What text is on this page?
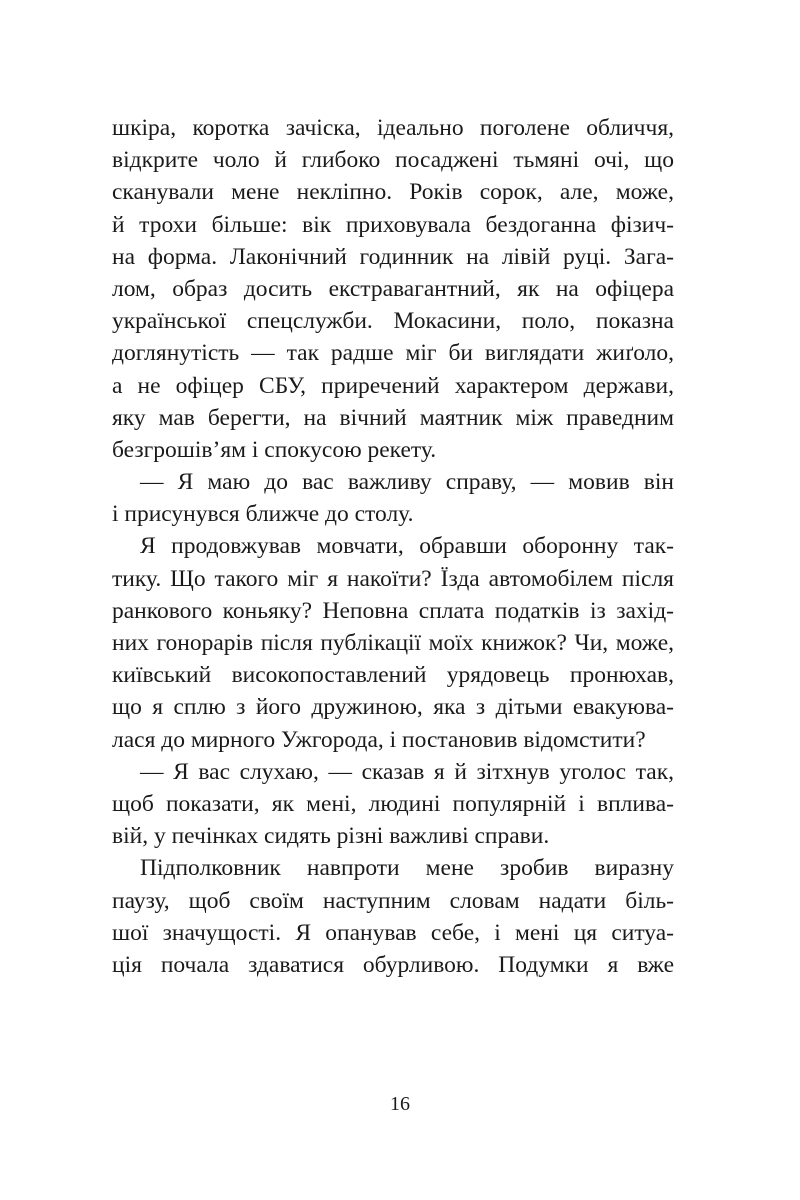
шкіра, коротка зачіска, ідеально поголене обличчя,
відкрите чоло й глибоко посаджені тьмяні очі, що
сканували мене некліпно. Років сорок, але, може,
й трохи більше: вік приховувала бездоганна фізич-
на форма. Лаконічний годинник на лівій руці. Зага-
лом, образ досить екстравагантний, як на офіцера
української спецслужби. Мокасини, поло, показна
доглянутість — так радше міг би виглядати жиґоло,
а не офіцер СБУ, приречений характером держави,
яку мав берегти, на вічний маятник між праведним
безгрошів’ям і спокусою рекету.
— Я маю до вас важливу справу, — мовив він
і присунувся ближче до столу.
Я продовжував мовчати, обравши оборонну так-
тику. Що такого міг я накоїти? Їзда автомобілем після
ранкового коньяку? Неповна сплата податків із захід-
них гонорарів після публікації моїх книжок? Чи, може,
київський високопоставлений урядовець пронюхав,
що я сплю з його дружиною, яка з дітьми евакуюва-
лася до мирного Ужгорода, і постановив відомстити?
— Я вас слухаю, — сказав я й зітхнув уголос так,
щоб показати, як мені, людині популярній і вплива-
вій, у печінках сидять різні важливі справи.
Підполковник навпроти мене зробив виразну
паузу, щоб своїм наступним словам надати біль-
шої значущості. Я опанував себе, і мені ця ситуа-
ція почала здаватися обурливою. Подумки я вже
16
